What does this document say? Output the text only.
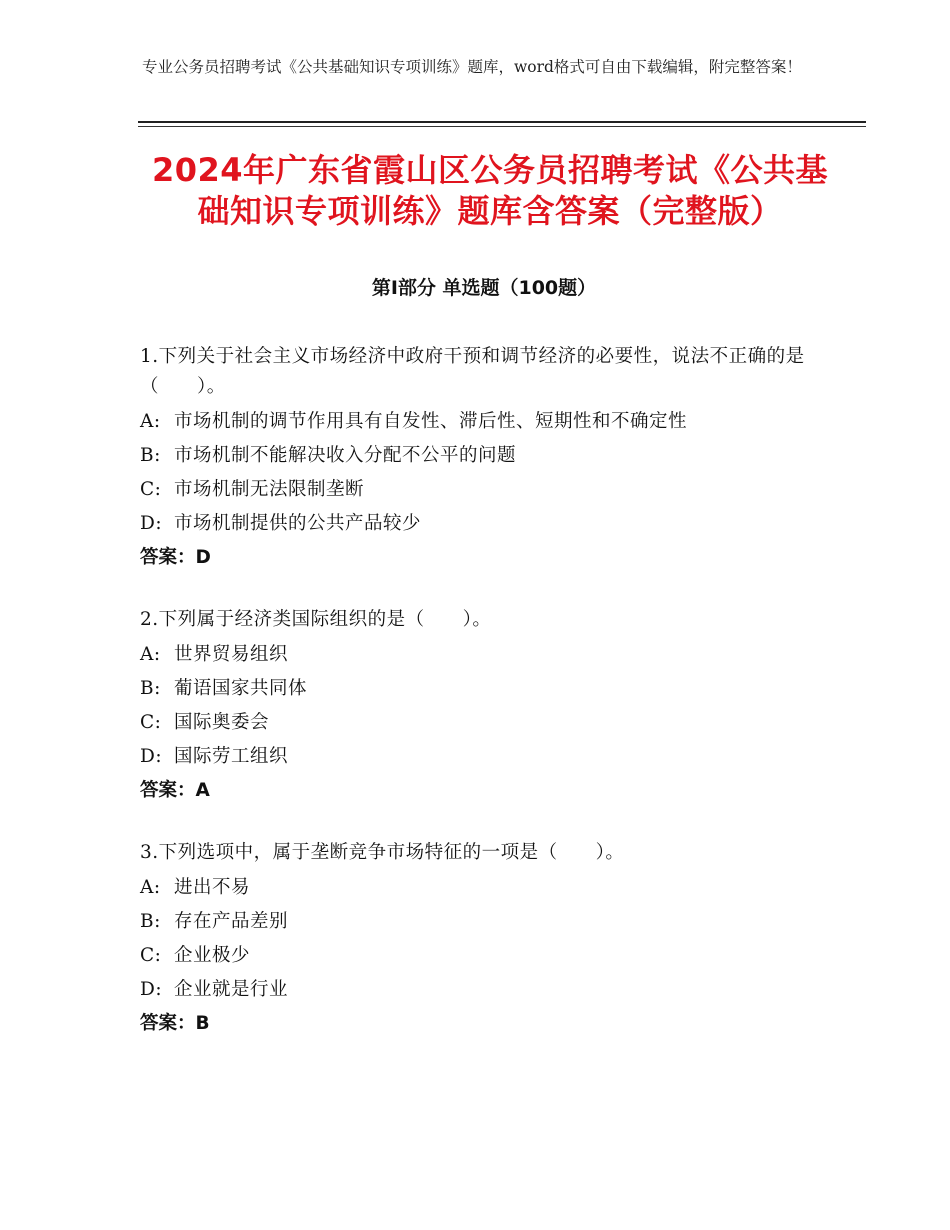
专业公务员招聘考试《公共基础知识专项训练》题库，word格式可自由下载编辑，附完整答案！
2024年广东省霞山区公务员招聘考试《公共基础知识专项训练》题库含答案（完整版）
第Ⅰ部分 单选题（100题）
1.下列关于社会主义市场经济中政府干预和调节经济的必要性，说法不正确的是（　　）。
A: 市场机制的调节作用具有自发性、滞后性、短期性和不确定性
B: 市场机制不能解决收入分配不公平的问题
C: 市场机制无法限制垄断
D: 市场机制提供的公共产品较少
答案：D
2.下列属于经济类国际组织的是（　　）。
A: 世界贸易组织
B: 葡语国家共同体
C: 国际奥委会
D: 国际劳工组织
答案：A
3.下列选项中，属于垄断竞争市场特征的一项是（　　）。
A: 进出不易
B: 存在产品差别
C: 企业极少
D: 企业就是行业
答案：B
